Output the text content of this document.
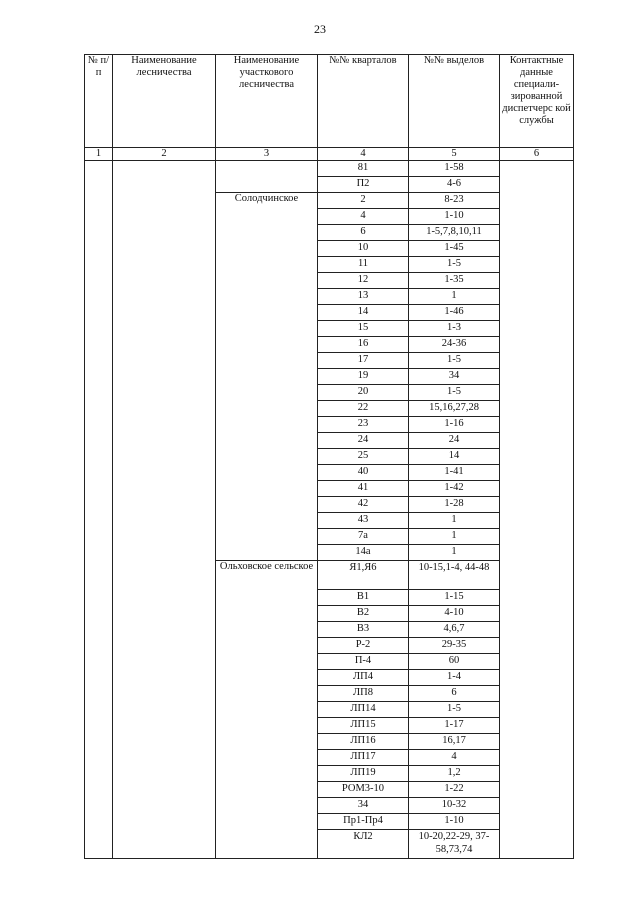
23
№ п/п	Наименование лесничества	Наименование участкового лесничества	№№ кварталов	№№ выделов	Контактные данные специали- зированной диспетчерс кой службы
1	2	3	4	5	6
			81	1-58	
			П2	4-6	
		Солодчинское	2	8-23	
			4	1-10	
			6	1-5,7,8,10,11	
			10	1-45	
			11	1-5	
			12	1-35	
			13	1	
			14	1-46	
			15	1-3	
			16	24-36	
			17	1-5	
			19	34	
			20	1-5	
			22	15,16,27,28	
			23	1-16	
			24	24	
			25	14	
			40	1-41	
			41	1-42	
			42	1-28	
			43	1	
			7а	1	
			14а	1	
		Ольховское сельское	Я1,Я6	10-15,1-4, 44-48	
			В1	1-15	
			В2	4-10	
			В3	4,6,7	
			Р-2	29-35	
			П-4	60	
			ЛП4	1-4	
			ЛП8	6	
			ЛП14	1-5	
			ЛП15	1-17	
			ЛП16	16,17	
			ЛП17	4	
			ЛП19	1,2	
			РОМ3-10	1-22	
			34	10-32	
			Пр1-Пр4	1-10	
			КЛ2	10-20,22-29, 37-58,73,74	
